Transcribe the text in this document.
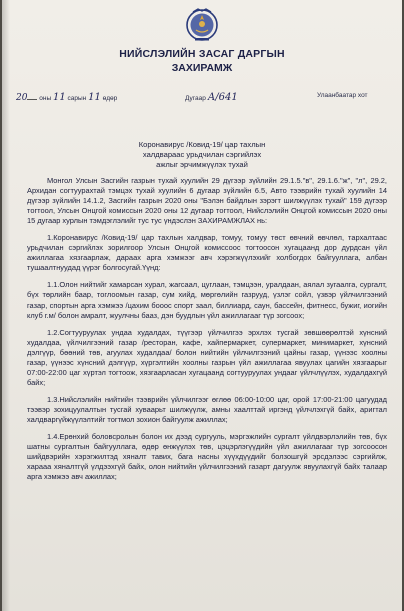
НИЙСЛЭЛИЙН ЗАСАГ ДАРГЫН
ЗАХИРАМЖ
20 оны 11 сарын 11 өдөр	Дугаар А/641	Улаанбаатар хот
Коронавирус /Ковид-19/ цар тахлын
халдвараас урьдчилан сэргийлэх
ажлыг эрчимжүүлэх тухай

Монгол Улсын Засгийн газрын тухай хуулийн 29 дүгээр зүйлийн 29.1.5."в", 29.1.6."ж", "л", 29.2, Архидан согтуурахтай тэмцэх тухай хуулийн 6 дугаар зүйлийн 6.5, Авто тээврийн тухай хуулийн 14 дүгээр зүйлийн 14.1.2, Засгийн газрын 2020 оны "Бэлэн байдлын зэрэгт шилжүүлэх тухай" 159 дүгээр тогтоол, Улсын Онцгой комиссын 2020 оны 12 дугаар тогтоол, Нийслэлийн Онцгой комиссын 2020 оны 15 дугаар хурлын тэмдэглэлийг тус тус үндэслэн ЗАХИРАМЖЛАХ нь:

1.Коронавирус /Ковид-19/ цар тахлын халдвар, томуу, томуу төст өвчний өвчлөл, тархалтаас урьдчилан сэргийлэх зорилгоор Улсын Онцгой комиссоос тогтоосон хугацаанд дор дурдсан үйл ажиллагаа хязгаарлаж, дараах арга хэмжээг авч хэрэгжүүлэхийг холбогдох байгууллага, албан тушаалтнуудад үүрэг болгосугай.Үүнд:

1.1.Олон нийтийг хамарсан хурал, жагсаал, цуглаан, тэмцээн, уралдаан, аялал зугаалга, сургалт, бүх төрлийн баар, тоглоомын газар, сум хийд, мөргөлийн газрууд, үзлэг сойл, үзвэр үйлчилгээний газар, спортын арга хэмжээ /цахим бооос спорт заал, биллиард, саун, бассейн, фитнесс, бужиг, иогийн клуб г.м/ болон амралт, жуулчны бааз, дэн буудлын үйл ажиллагааг түр зогсоох;

1.2.Согтууруулах ундаа худалдах, түүгээр үйлчилгээ эрхлэх тусгай зөвшөөрөлтэй хүнсний худалдаа, үйлчилгээний газар /ресторан, кафе, хайпермаркет, супермаркет, минимаркет, хүнсний дэлгүүр, бөөний төв, агуулах худалдаа/ болон нийтийн үйлчилгээний цайны газар, үүнээс хоолны газар, үүнээс хүнсний дэлгүүр, хүргэлтийн хоолны газрын үйл ажиллагаа явуулах цагийн хязгаарыг 07:00-22:00 цаг хүртэл тогтоож, хязгаарласан хугацаанд согтууруулах ундааг үйлчлүүлэх, худалдахгүй байх;

1.3.Нийслэлийн нийтийн тээврийн үйлчилгээг өглөө 06:00-10:00 цаг, орой 17:00-21:00 цагуудад тээвэр зохицуулалтын тусгай хуваарьт шилжүүлж, амны хаалттай иргэнд үйлчлэхгүй байх, аригтал халдваргүйжүүлэлтийг тогтмол зохион байгуулж ажиллах;

1.4.Ерөнхий боловсролын болон их дээд сургууль, мэргэжлийн сургалт үйлдвэрлэлийн төв, бүх шатны сургалтын байгууллага, өдөр өнжүүлэх төв, цэцэрлэгүүдийн үйл ажиллагааг түр зогсоосон шийдвэрийн хэрэгжилтэд хяналт тавих, бага насны хүүхдүүдийг болзошгүй эрсдэлээс сэргийлж, харааа хяналтгүй үлдээхгүй байх, олон нийтийн үйлчилгээний газарт дагуулж явуулахгүй байх талаар арга хэмжээ авч ажиллах;
